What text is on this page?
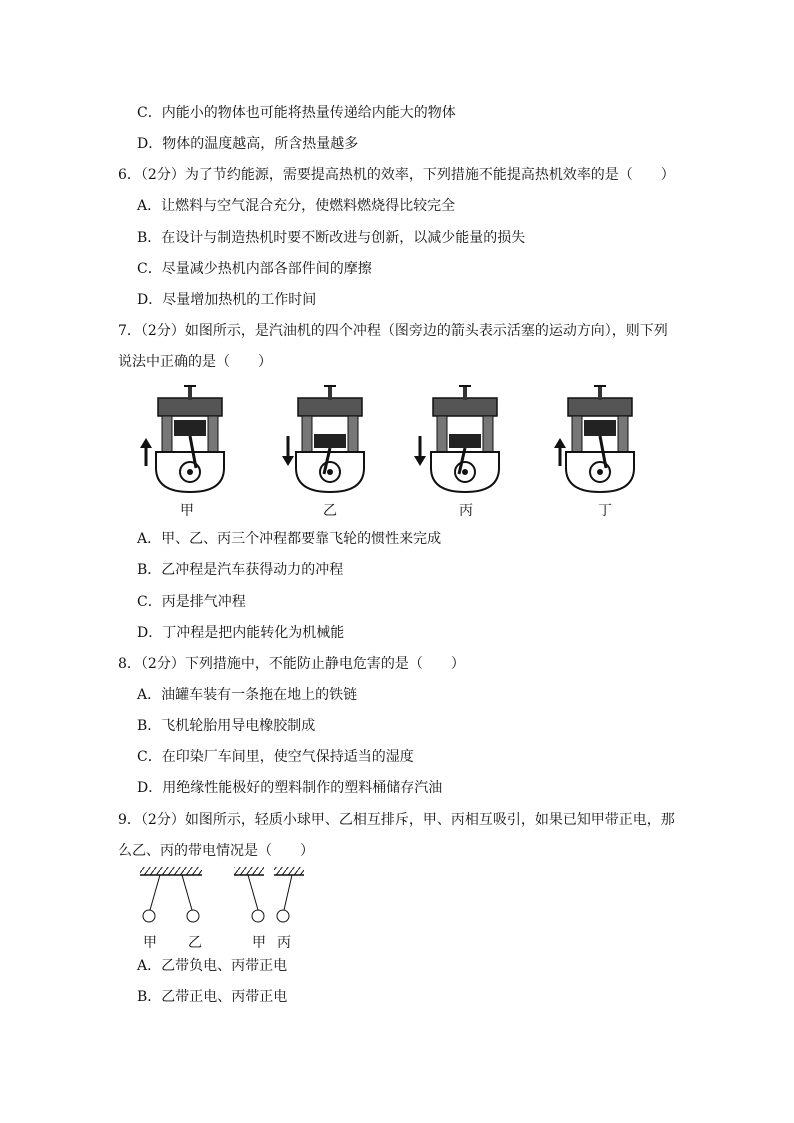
C．内能小的物体也可能将热量传递给内能大的物体
D．物体的温度越高，所含热量越多
6．（2分）为了节约能源，需要提高热机的效率，下列措施不能提高热机效率的是（　　）
A．让燃料与空气混合充分，使燃料燃烧得比较完全
B．在设计与制造热机时要不断改进与创新，以减少能量的损失
C．尽量减少热机内部各部件间的摩擦
D．尽量增加热机的工作时间
7．（2分）如图所示，是汽油机的四个冲程（图旁边的箭头表示活塞的运动方向），则下列
说法中正确的是（　　）
甲	乙	丙	丁
A．甲、乙、丙三个冲程都要靠飞轮的惯性来完成
B．乙冲程是汽车获得动力的冲程
C．丙是排气冲程
D．丁冲程是把内能转化为机械能
8．（2分）下列措施中，不能防止静电危害的是（　　）
A．油罐车装有一条拖在地上的铁链
B．飞机轮胎用导电橡胶制成
C．在印染厂车间里，使空气保持适当的湿度
D．用绝缘性能极好的塑料制作的塑料桶储存汽油
9．（2分）如图所示，轻质小球甲、乙相互排斥，甲、丙相互吸引，如果已知甲带正电，那
么乙、丙的带电情况是（　　）
甲 乙	甲 丙
A．乙带负电、丙带正电
B．乙带正电、丙带正电
